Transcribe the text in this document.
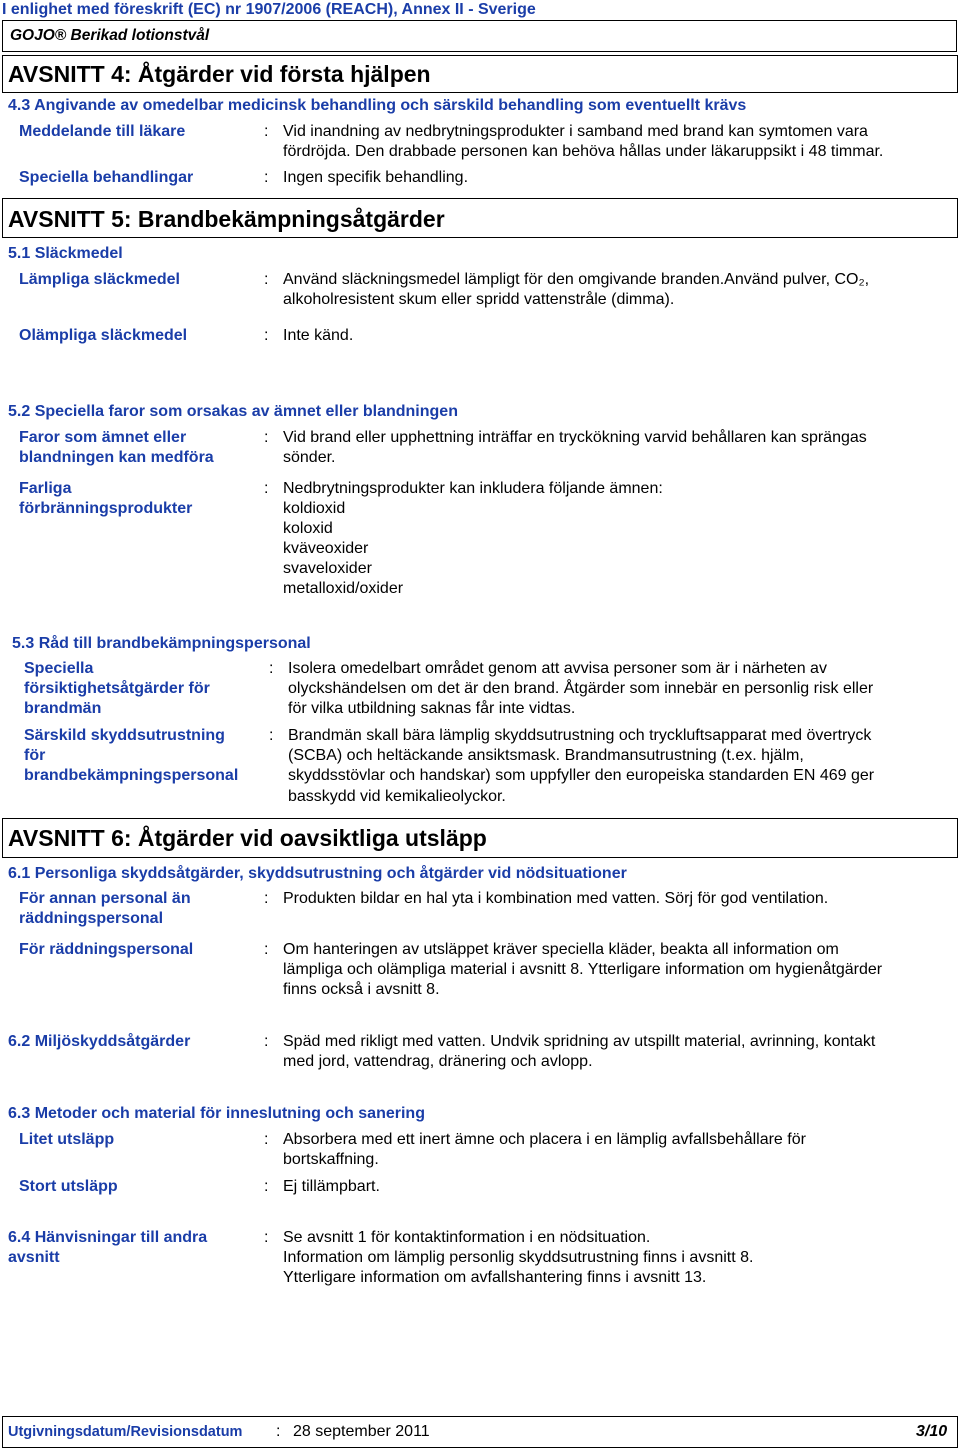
I enlighet med föreskrift (EC) nr 1907/2006 (REACH), Annex II - Sverige
GOJO® Berikad lotionstvål
AVSNITT 4: Åtgärder vid första hjälpen
4.3 Angivande av omedelbar medicinsk behandling och särskild behandling som eventuellt krävs
Meddelande till läkare	: Vid inandning av nedbrytningsprodukter i samband med brand kan symtomen vara
fördröjda. Den drabbade personen kan behöva hållas under läkaruppsikt i 48 timmar.
Speciella behandlingar	: Ingen specifik behandling.
AVSNITT 5: Brandbekämpningsåtgärder
5.1 Släckmedel
Lämpliga släckmedel	: Använd släckningsmedel lämpligt för den omgivande branden.Använd pulver, CO₂,
alkoholresistent skum eller spridd vattenstråle (dimma).
Olämpliga släckmedel	: Inte känd.
5.2 Speciella faror som orsakas av ämnet eller blandningen
Faror som ämnet eller
blandningen kan medföra
: Vid brand eller upphettning inträffar en tryckökning varvid behållaren kan sprängas
sönder.
Farliga
förbränningsprodukter
: Nedbrytningsprodukter kan inkludera följande ämnen:
koldioxid
koloxid
kväveoxider
svaveloxider
metalloxid/oxider
5.3 Råd till brandbekämpningspersonal
Speciella
försiktighetsåtgärder för
brandmän
: Isolera omedelbart området genom att avvisa personer som är i närheten av
olyckshändelsen om det är den brand. Åtgärder som innebär en personlig risk eller
för vilka utbildning saknas får inte vidtas.
Särskild skyddsutrustning
för
brandbekämpningspersonal
: Brandmän skall bära lämplig skyddsutrustning och tryckluftsapparat med övertryck
(SCBA) och heltäckande ansiktsmask. Brandmansutrustning (t.ex. hjälm,
skyddsstövlar och handskar) som uppfyller den europeiska standarden EN 469 ger
basskydd vid kemikalieolyckor.
AVSNITT 6: Åtgärder vid oavsiktliga utsläpp
6.1 Personliga skyddsåtgärder, skyddsutrustning och åtgärder vid nödsituationer
För annan personal än
räddningspersonal
: Produkten bildar en hal yta i kombination med vatten. Sörj för god ventilation.
För räddningspersonal	: Om hanteringen av utsläppet kräver speciella kläder, beakta all information om
lämpliga och olämpliga material i avsnitt 8. Ytterligare information om hygienåtgärder
finns också i avsnitt 8.
6.2 Miljöskyddsåtgärder	: Späd med rikligt med vatten. Undvik spridning av utspillt material, avrinning, kontakt
med jord, vattendrag, dränering och avlopp.
6.3 Metoder och material för inneslutning och sanering
Litet utsläpp	: Absorbera med ett inert ämne och placera i en lämplig avfallsbehållare för
bortskaffning.
Stort utsläpp	: Ej tillämpbart.
6.4 Hänvisningar till andra
avsnitt
: Se avsnitt 1 för kontaktinformation i en nödsituation.
Information om lämplig personlig skyddsutrustning finns i avsnitt 8.
Ytterligare information om avfallshantering finns i avsnitt 13.
Utgivningsdatum/Revisionsdatum : 28 september 2011	3/10
